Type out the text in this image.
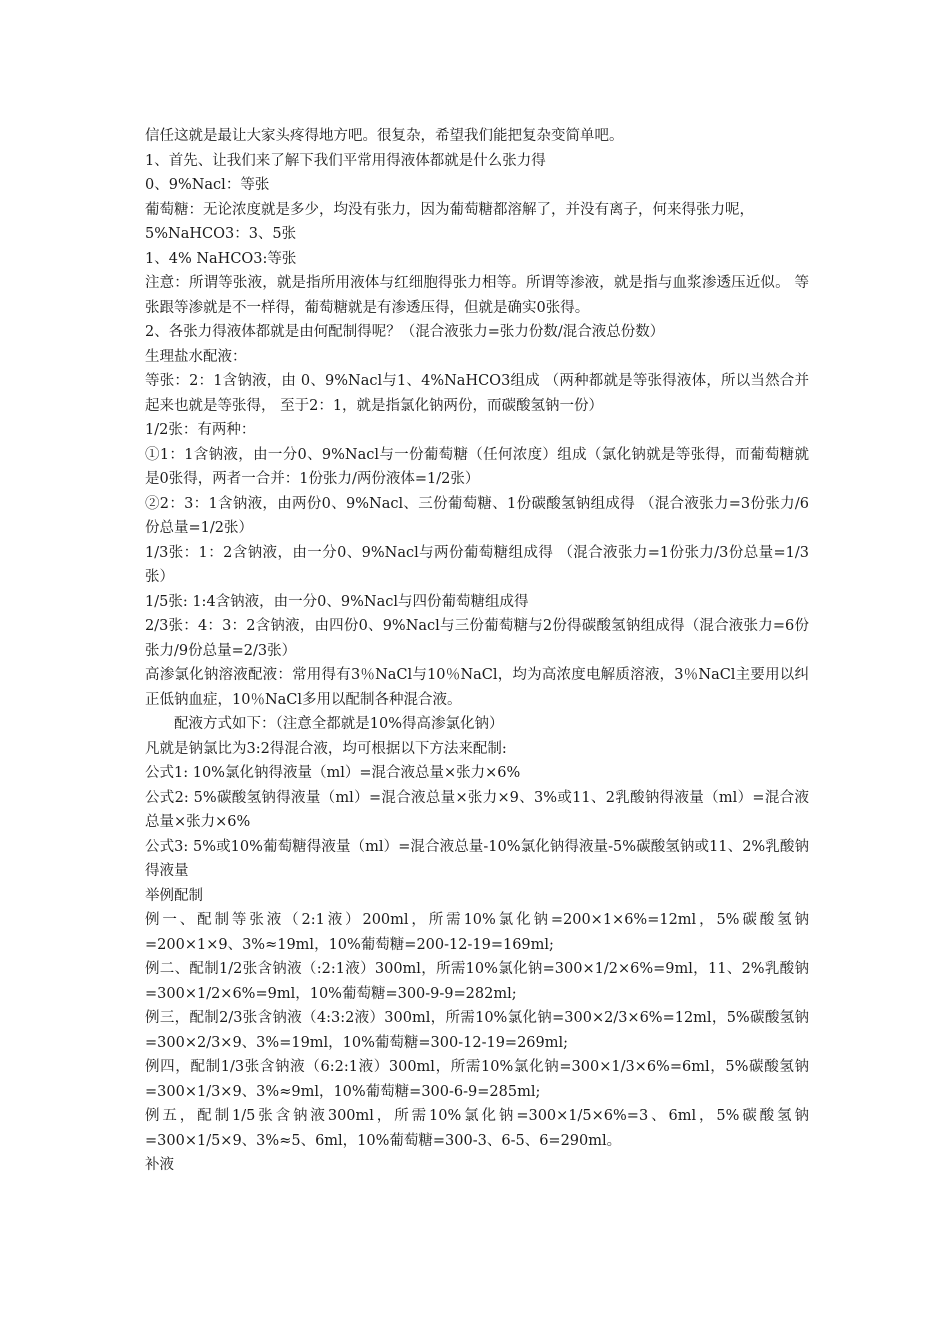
信任这就是最让大家头疼得地方吧。很复杂，希望我们能把复杂变简单吧。

1、首先、让我们来了解下我们平常用得液体都就是什么张力得

0、9%Nacl：等张

葡萄糖：无论浓度就是多少，均没有张力，因为葡萄糖都溶解了，并没有离子，何来得张力呢，

5%NaHCO3：3、5张

1、4% NaHCO3:等张

注意：所谓等张液，就是指所用液体与红细胞得张力相等。所谓等渗液，就是指与血浆渗透压近似。 等张跟等渗就是不一样得，葡萄糖就是有渗透压得，但就是确实0张得。

2、各张力得液体都就是由何配制得呢？（混合液张力=张力份数/混合液总份数）

生理盐水配液：

等张：2：1含钠液，由 0、9%Nacl与1、4%NaHCO3组成 （两种都就是等张得液体，所以当然合并起来也就是等张得， 至于2：1，就是指氯化钠两份，而碳酸氢钠一份）

1/2张：有两种：

①1：1含钠液，由一分0、9%Nacl与一份葡萄糖（任何浓度）组成（氯化钠就是等张得，而葡萄糖就是0张得，两者一合并：1份张力/两份液体=1/2张）

②2：3：1含钠液，由两份0、9%Nacl、三份葡萄糖、1份碳酸氢钠组成得 （混合液张力=3份张力/6份总量=1/2张）

1/3张：1：2含钠液，由一分0、9%Nacl与两份葡萄糖组成得 （混合液张力=1份张力/3份总量=1/3张）

1/5张: 1:4含钠液，由一分0、9%Nacl与四份葡萄糖组成得

2/3张：4：3：2含钠液，由四份0、9%Nacl与三份葡萄糖与2份得碳酸氢钠组成得（混合液张力=6份张力/9份总量=2/3张）

高渗氯化钠溶液配液：常用得有3％NaCl与10％NaCl，均为高浓度电解质溶液，3％NaCl主要用以纠正低钠血症，10％NaCl多用以配制各种混合液。

配液方式如下：（注意全都就是10%得高渗氯化钠）

凡就是钠氯比为3:2得混合液，均可根据以下方法来配制:

公式1: 10%氯化钠得液量（ml）=混合液总量×张力×6%

公式2: 5%碳酸氢钠得液量（ml）=混合液总量×张力×9、3%或11、2乳酸钠得液量（ml）=混合液总量×张力×6%

公式3: 5%或10%葡萄糖得液量（ml）=混合液总量-10%氯化钠得液量-5%碳酸氢钠或11、2%乳酸钠得液量

举例配制

例一、配制等张液（2:1液）200ml，所需10%氯化钠=200×1×6%=12ml，5%碳酸氢钠=200×1×9、3%≈19ml，10%葡萄糖=200-12-19=169ml;

例二、配制1/2张含钠液（:2:1液）300ml，所需10%氯化钠=300×1/2×6%=9ml，11、2%乳酸钠=300×1/2×6%=9ml，10%葡萄糖=300-9-9=282ml;

例三，配制2/3张含钠液（4:3:2液）300ml，所需10%氯化钠=300×2/3×6%=12ml，5%碳酸氢钠=300×2/3×9、3%=19ml，10%葡萄糖=300-12-19=269ml;

例四，配制1/3张含钠液（6:2:1液）300ml，所需10%氯化钠=300×1/3×6%=6ml，5%碳酸氢钠=300×1/3×9、3%≈9ml，10%葡萄糖=300-6-9=285ml;

例五，配制1/5张含钠液300ml，所需10%氯化钠=300×1/5×6%=3、6ml，5%碳酸氢钠=300×1/5×9、3%≈5、6ml，10%葡萄糖=300-3、6-5、6=290ml。

补液
